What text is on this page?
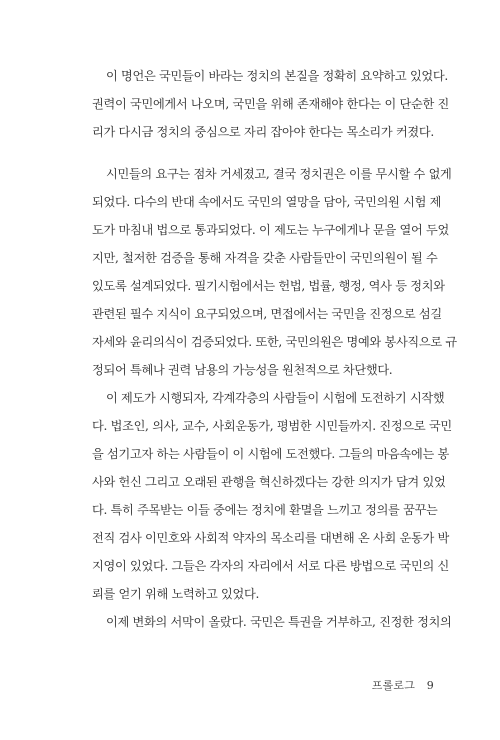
이 명언은 국민들이 바라는 정치의 본질을 정확히 요약하고 있었다.
권력이 국민에게서 나오며, 국민을 위해 존재해야 한다는 이 단순한 진
리가 다시금 정치의 중심으로 자리 잡아야 한다는 목소리가 커졌다.
시민들의 요구는 점차 거세졌고, 결국 정치권은 이를 무시할 수 없게
되었다. 다수의 반대 속에서도 국민의 열망을 담아, 국민의원 시험 제
도가 마침내 법으로 통과되었다. 이 제도는 누구에게나 문을 열어 두었
지만, 철저한 검증을 통해 자격을 갖춘 사람들만이 국민의원이 될 수
있도록 설계되었다. 필기시험에서는 헌법, 법률, 행정, 역사 등 정치와
관련된 필수 지식이 요구되었으며, 면접에서는 국민을 진정으로 섬길
자세와 윤리의식이 검증되었다. 또한, 국민의원은 명예와 봉사직으로 규
정되어 특혜나 권력 남용의 가능성을 원천적으로 차단했다.
이 제도가 시행되자, 각계각층의 사람들이 시험에 도전하기 시작했
다. 법조인, 의사, 교수, 사회운동가, 평범한 시민들까지. 진정으로 국민
을 섬기고자 하는 사람들이 이 시험에 도전했다. 그들의 마음속에는 봉
사와 헌신 그리고 오래된 관행을 혁신하겠다는 강한 의지가 담겨 있었
다. 특히 주목받는 이들 중에는 정치에 환멸을 느끼고 정의를 꿈꾸는
전직 검사 이민호와 사회적 약자의 목소리를 대변해 온 사회 운동가 박
지영이 있었다. 그들은 각자의 자리에서 서로 다른 방법으로 국민의 신
뢰를 얻기 위해 노력하고 있었다.
이제 변화의 서막이 올랐다. 국민은 특권을 거부하고, 진정한 정치의
프롤로그 9
